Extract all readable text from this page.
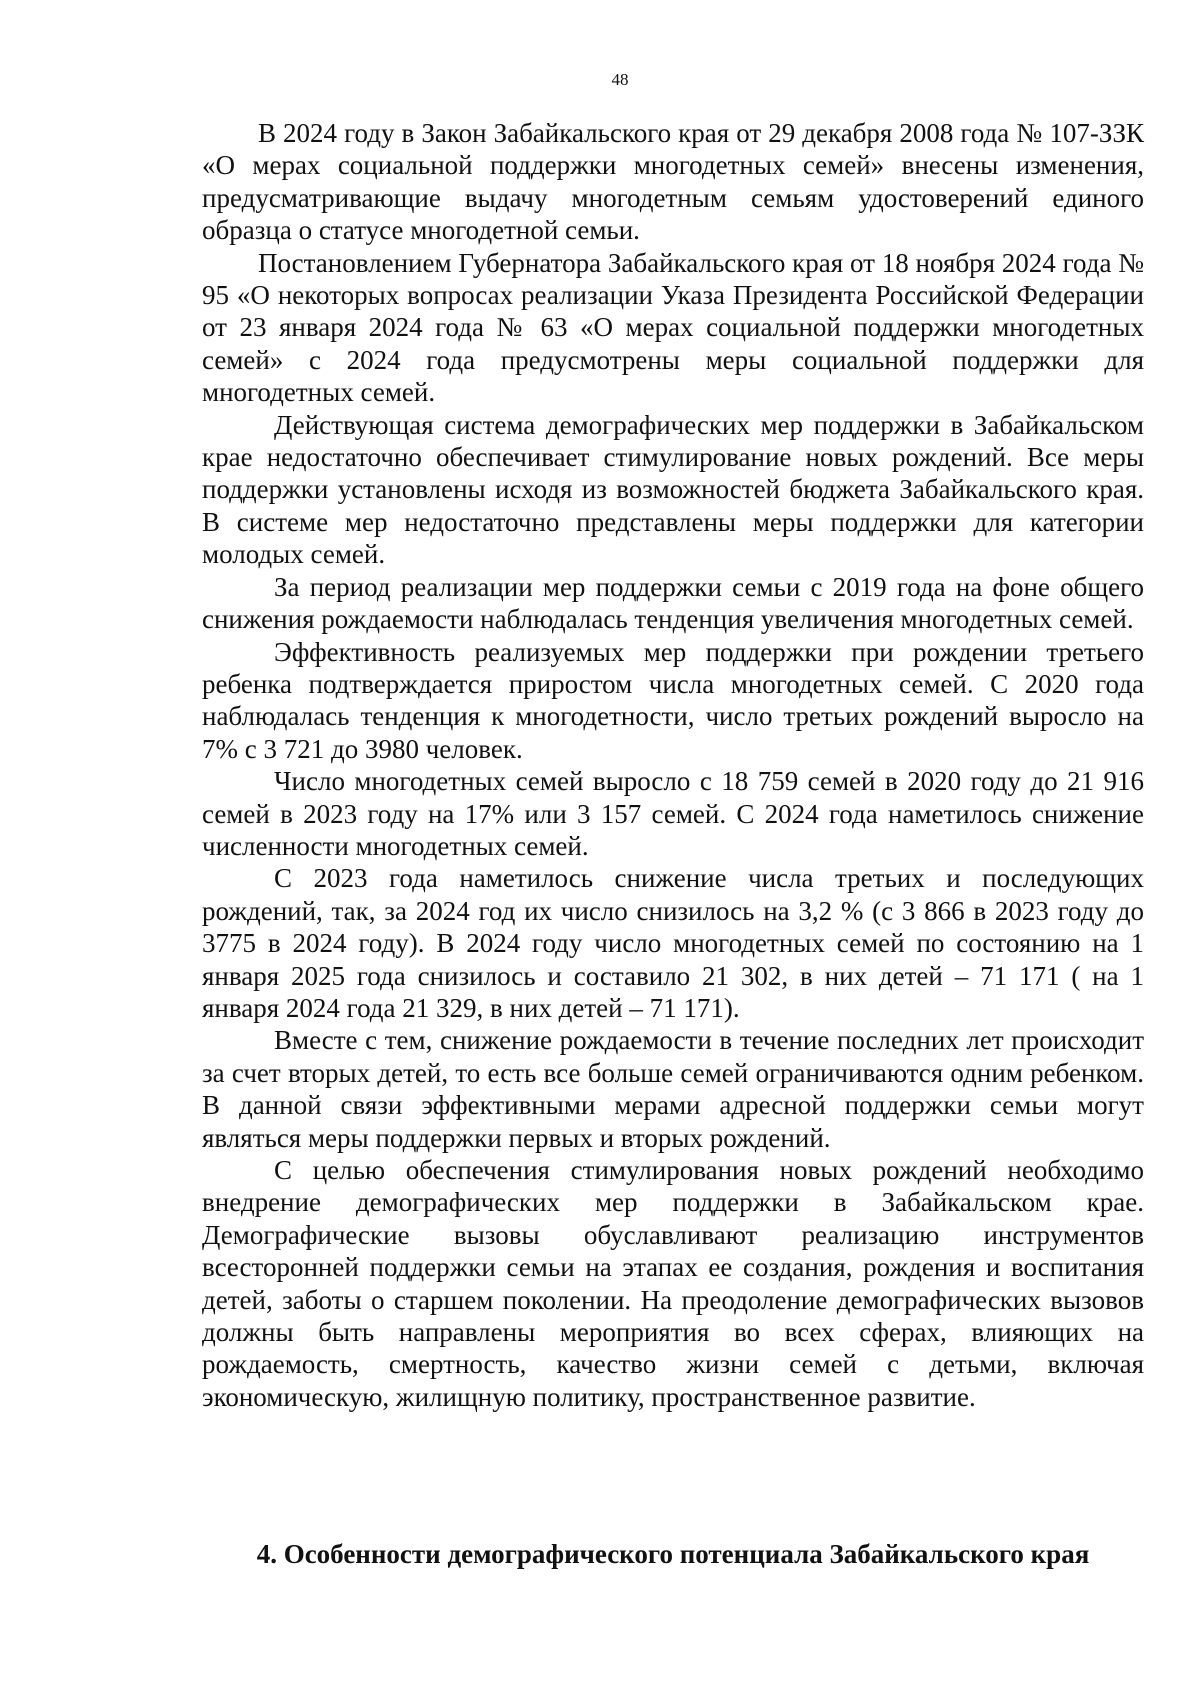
48

В 2024 году в Закон Забайкальского края от 29 декабря 2008 года № 107-ЗЗК «О мерах социальной поддержки многодетных семей» внесены изменения, предусматривающие выдачу многодетным семьям удостоверений единого образца о статусе многодетной семьи.

Постановлением Губернатора Забайкальского края от 18 ноября 2024 года № 95 «О некоторых вопросах реализации Указа Президента Российской Федерации от 23 января 2024 года № 63 «О мерах социальной поддержки многодетных семей» с 2024 года предусмотрены меры социальной поддержки для многодетных семей.

Действующая система демографических мер поддержки в Забайкальском крае недостаточно обеспечивает стимулирование новых рождений. Все меры поддержки установлены исходя из возможностей бюджета Забайкальского края. В системе мер недостаточно представлены меры поддержки для категории молодых семей.

За период реализации мер поддержки семьи с 2019 года на фоне общего снижения рождаемости наблюдалась тенденция увеличения многодетных семей.

Эффективность реализуемых мер поддержки при рождении третьего ребенка подтверждается приростом числа многодетных семей. С 2020 года наблюдалась тенденция к многодетности, число третьих рождений выросло на 7% с 3 721 до 3980 человек.

Число многодетных семей выросло с 18 759 семей в 2020 году до 21 916 семей в 2023 году на 17% или 3 157 семей. С 2024 года наметилось снижение численности многодетных семей.

С 2023 года наметилось снижение числа третьих и последующих рождений, так, за 2024 год их число снизилось на 3,2 % (с 3 866 в 2023 году до 3775 в 2024 году). В 2024 году число многодетных семей по состоянию на 1 января 2025 года снизилось и составило 21 302, в них детей – 71 171 ( на 1 января 2024 года 21 329, в них детей – 71 171).

Вместе с тем, снижение рождаемости в течение последних лет происходит за счет вторых детей, то есть все больше семей ограничиваются одним ребенком. В данной связи эффективными мерами адресной поддержки семьи могут являться меры поддержки первых и вторых рождений.

С целью обеспечения стимулирования новых рождений необходимо внедрение демографических мер поддержки в Забайкальском крае. Демографические вызовы обуславливают реализацию инструментов всесторонней поддержки семьи на этапах ее создания, рождения и воспитания детей, заботы о старшем поколении. На преодоление демографических вызовов должны быть направлены мероприятия во всех сферах, влияющих на рождаемость, смертность, качество жизни семей с детьми, включая экономическую, жилищную политику, пространственное развитие.

4. Особенности демографического потенциала Забайкальского края
